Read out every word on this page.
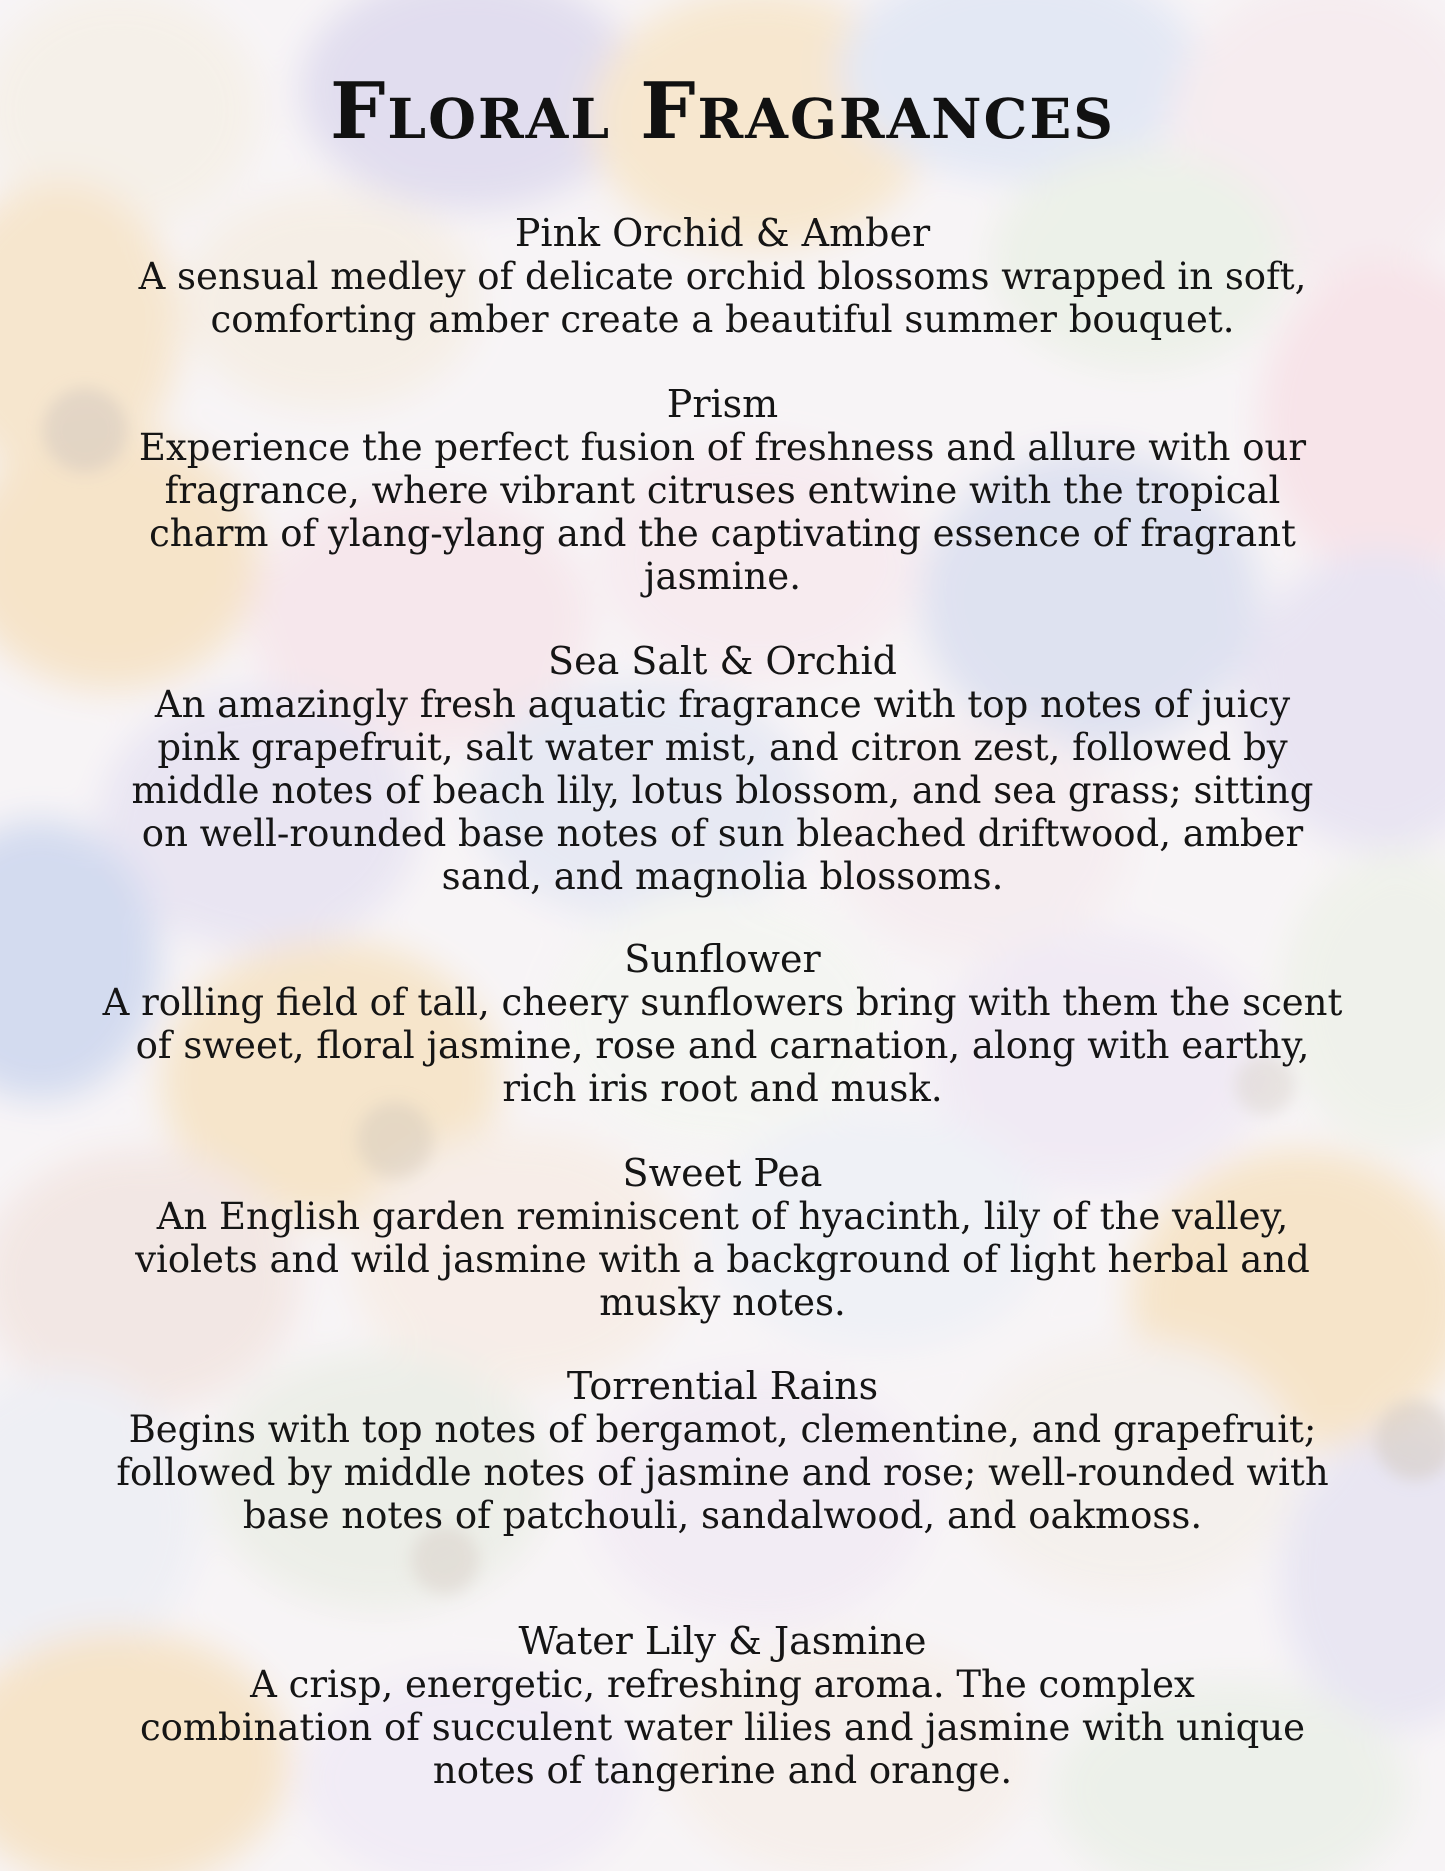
Floral Fragrances
Pink Orchid & Amber
A sensual medley of delicate orchid blossoms wrapped in soft, comforting amber create a beautiful summer bouquet.
Prism
Experience the perfect fusion of freshness and allure with our fragrance, where vibrant citruses entwine with the tropical charm of ylang-ylang and the captivating essence of fragrant jasmine.
Sea Salt & Orchid
An amazingly fresh aquatic fragrance with top notes of juicy pink grapefruit, salt water mist, and citron zest, followed by middle notes of beach lily, lotus blossom, and sea grass; sitting on well-rounded base notes of sun bleached driftwood, amber sand, and magnolia blossoms.
Sunflower
A rolling field of tall, cheery sunflowers bring with them the scent of sweet, floral jasmine, rose and carnation, along with earthy, rich iris root and musk.
Sweet Pea
An English garden reminiscent of hyacinth, lily of the valley, violets and wild jasmine with a background of light herbal and musky notes.
Torrential Rains
Begins with top notes of bergamot, clementine, and grapefruit; followed by middle notes of jasmine and rose; well-rounded with base notes of patchouli, sandalwood, and oakmoss.
Water Lily & Jasmine
A crisp, energetic, refreshing aroma. The complex combination of succulent water lilies and jasmine with unique notes of tangerine and orange.
